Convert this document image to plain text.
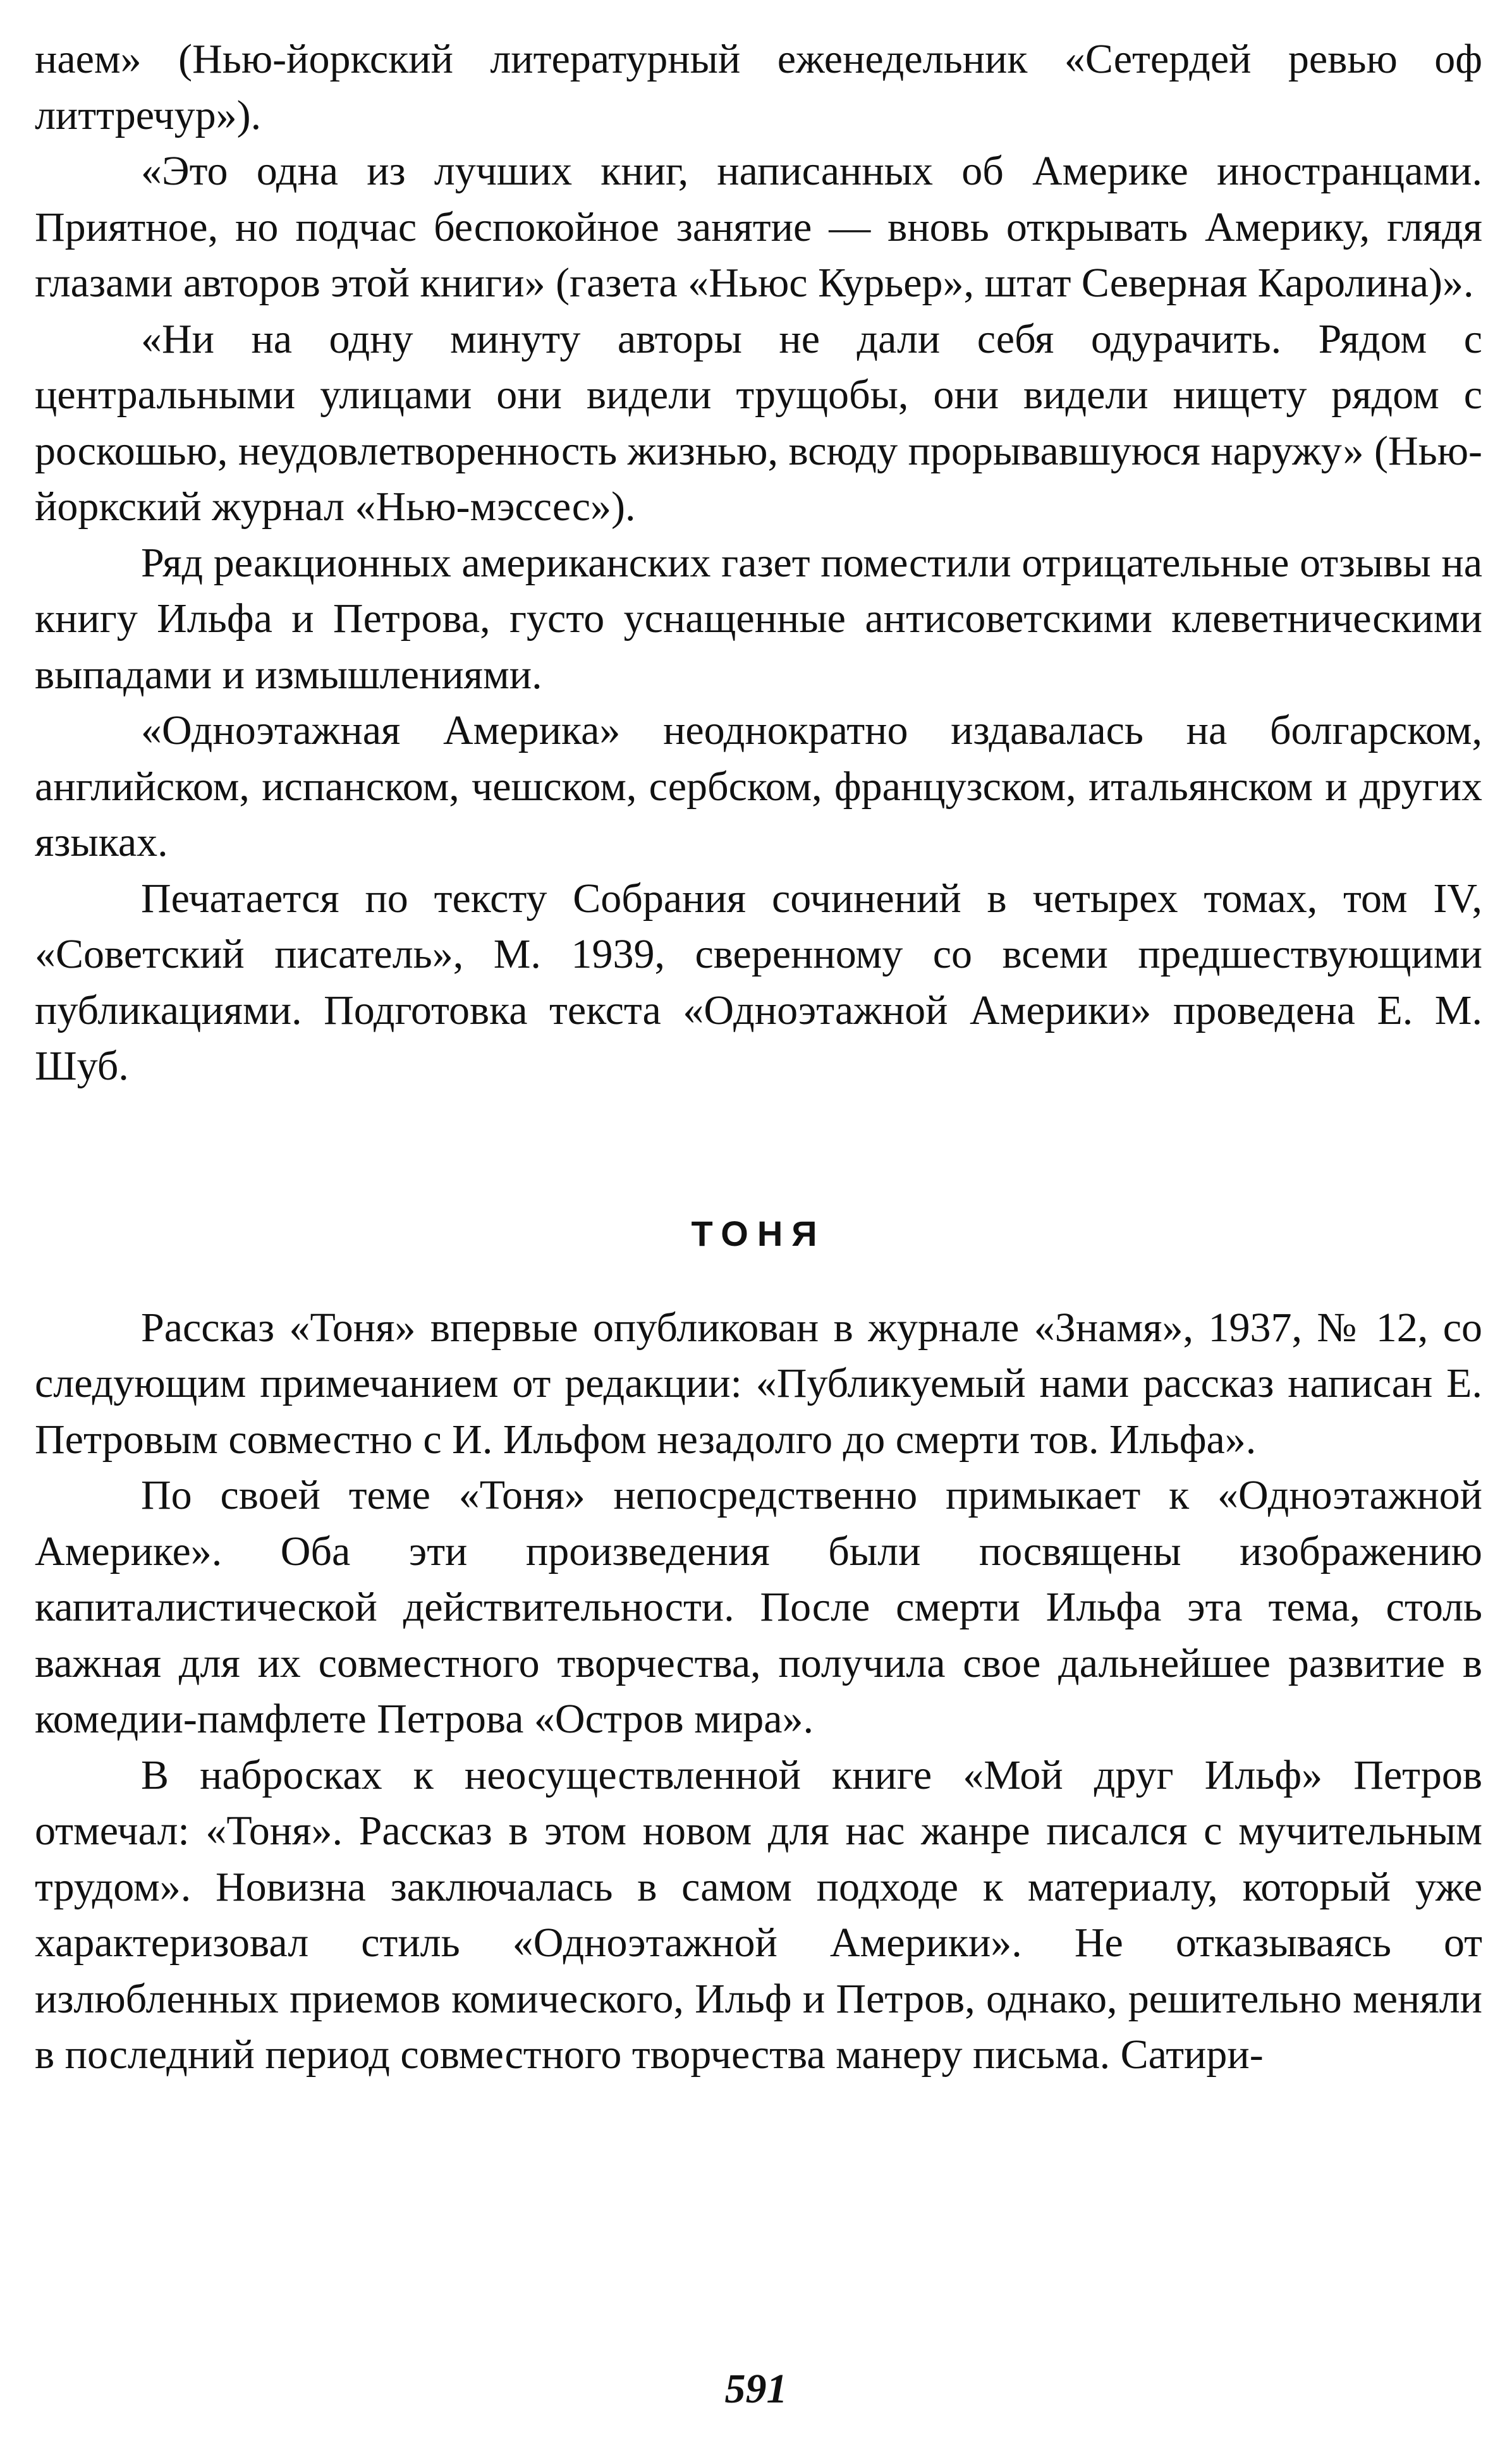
наем» (Нью-йоркский литературный еженедельник «Сетердей ревью оф литтречур»).

«Это одна из лучших книг, написанных об Америке иностранцами. Приятное, но подчас беспокойное занятие — вновь открывать Америку, глядя глазами авторов этой книги» (газета «Ньюс Курьер», штат Северная Каролина)».

«Ни на одну минуту авторы не дали себя одурачить. Рядом с центральными улицами они видели трущобы, они видели нищету рядом с роскошью, неудовлетворенность жизнью, всюду прорывавшуюся наружу» (Нью-йоркский журнал «Нью-мэссес»).

Ряд реакционных американских газет поместили отрицательные отзывы на книгу Ильфа и Петрова, густо уснащенные антисоветскими клеветническими выпадами и измышлениями.

«Одноэтажная Америка» неоднократно издавалась на болгарском, английском, испанском, чешском, сербском, французском, итальянском и других языках.

Печатается по тексту Собрания сочинений в четырех томах, том IV, «Советский писатель», М. 1939, сверенному со всеми предшествующими публикациями. Подготовка текста «Одноэтажной Америки» проведена Е. М. Шуб.

ТОНЯ

Рассказ «Тоня» впервые опубликован в журнале «Знамя», 1937, № 12, со следующим примечанием от редакции: «Публикуемый нами рассказ написан Е. Петровым совместно с И. Ильфом незадолго до смерти тов. Ильфа».

По своей теме «Тоня» непосредственно примыкает к «Одноэтажной Америке». Оба эти произведения были посвящены изображению капиталистической действительности. После смерти Ильфа эта тема, столь важная для их совместного творчества, получила свое дальнейшее развитие в комедии-памфлете Петрова «Остров мира».

В набросках к неосуществленной книге «Мой друг Ильф» Петров отмечал: «Тоня». Рассказ в этом новом для нас жанре писался с мучительным трудом». Новизна заключалась в самом подходе к материалу, который уже характеризовал стиль «Одноэтажной Америки». Не отказываясь от излюбленных приемов комического, Ильф и Петров, однако, решительно меняли в последний период совместного творчества манеру письма. Сатири-

591
